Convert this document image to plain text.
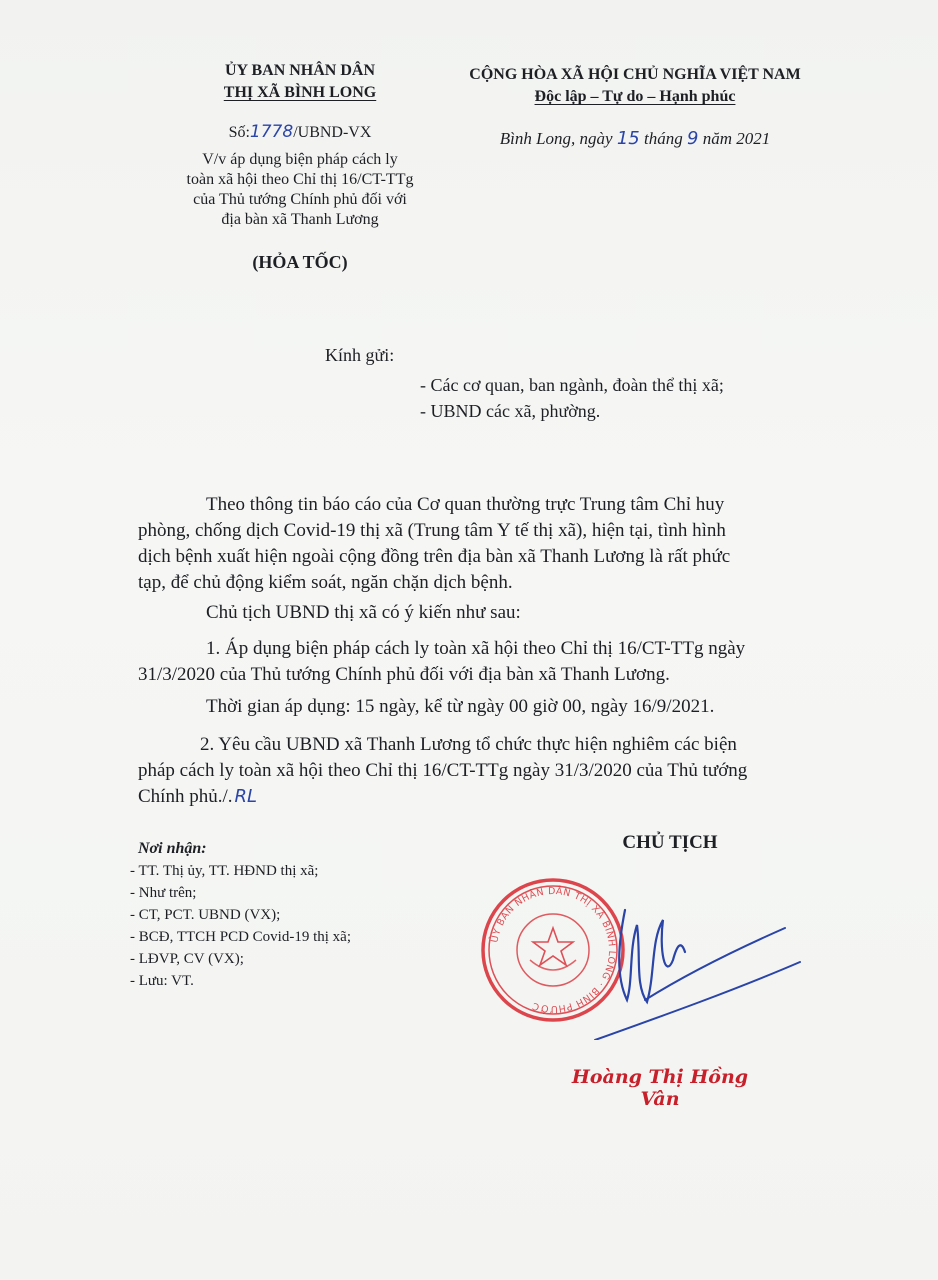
ỦY BAN NHÂN DÂN
THỊ XÃ BÌNH LONG
CỘNG HÒA XÃ HỘI CHỦ NGHĨA VIỆT NAM
Độc lập – Tự do – Hạnh phúc
Số:1778/UBND-VX	Bình Long, ngày 15 tháng 9 năm 2021
V/v áp dụng biện pháp cách ly
toàn xã hội theo Chỉ thị 16/CT-TTg
của Thủ tướng Chính phủ đối với
địa bàn xã Thanh Lương
(HỎA TỐC)
Kính gửi:
- Các cơ quan, ban ngành, đoàn thể thị xã;
- UBND các xã, phường.
Theo thông tin báo cáo của Cơ quan thường trực Trung tâm Chỉ huy
phòng, chống dịch Covid-19 thị xã (Trung tâm Y tế thị xã), hiện tại, tình hình
dịch bệnh xuất hiện ngoài cộng đồng trên địa bàn xã Thanh Lương là rất phức
tạp, để chủ động kiểm soát, ngăn chặn dịch bệnh.
Chủ tịch UBND thị xã có ý kiến như sau:
1. Áp dụng biện pháp cách ly toàn xã hội theo Chỉ thị 16/CT-TTg ngày
31/3/2020 của Thủ tướng Chính phủ đối với địa bàn xã Thanh Lương.
Thời gian áp dụng: 15 ngày, kể từ ngày 00 giờ 00, ngày 16/9/2021.
2. Yêu cầu UBND xã Thanh Lương tổ chức thực hiện nghiêm các biện
pháp cách ly toàn xã hội theo Chỉ thị 16/CT-TTg ngày 31/3/2020 của Thủ tướng
Chính phủ./. RL
Nơi nhận:
- TT. Thị ủy, TT. HĐND thị xã;
- Như trên;
- CT, PCT. UBND (VX);
- BCĐ, TTCH PCD Covid-19 thị xã;
- LĐVP, CV (VX);
- Lưu: VT.
CHỦ TỊCH
ỦY BAN NHÂN DÂN THỊ XÃ BÌNH LONG · BÌNH PHƯỚC
Hoàng Thị Hồng Vân
